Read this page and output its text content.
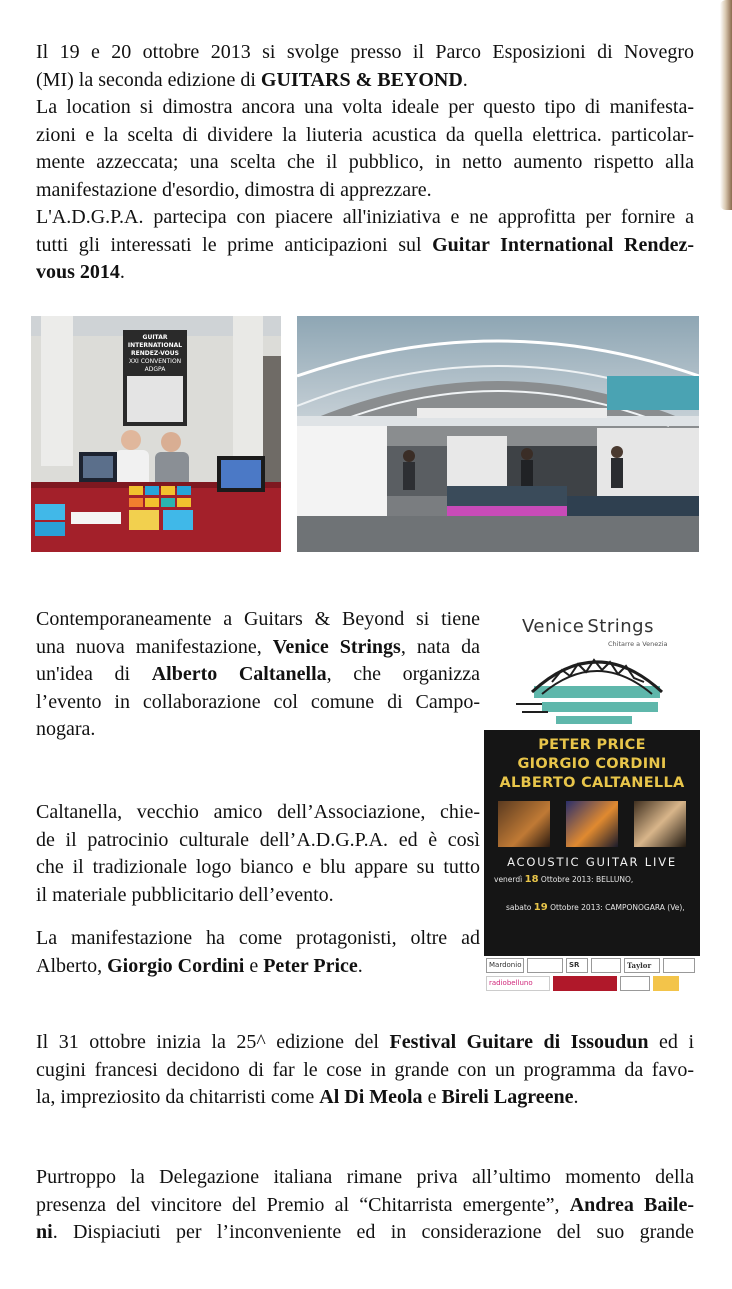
Il 19 e 20 ottobre 2013 si svolge presso il Parco Esposizioni di Novegro
(MI) la seconda edizione di GUITARS & BEYOND.
La location si dimostra ancora una volta ideale per questo tipo di manifesta-
zioni e la scelta di dividere la liuteria acustica da quella elettrica. particolar-
mente azzeccata; una scelta che il pubblico, in netto aumento rispetto alla
manifestazione d'esordio, dimostra di apprezzare.
L'A.D.G.P.A. partecipa con piacere all'iniziativa e ne approfitta per fornire a
tutti gli interessati le prime anticipazioni sul Guitar International Rendez-
vous 2014.
GUITAR INTERNATIONAL RENDEZ-VOUS
XXI CONVENTION ADGPA
Venice Strings
Chitarre a Venezia
PETER PRICE
GIORGIO CORDINI
ALBERTO CALTANELLA
ACOUSTIC GUITAR LIVE
venerdì 18 Ottobre 2013: BELLUNO,
sabato 19 Ottobre 2013: CAMPONOGARA (Ve),
Mardonio	SR	Taylor
radiobelluno
Contemporaneamente a Guitars & Beyond si tiene
una nuova manifestazione, Venice Strings, nata da
un'idea di Alberto Caltanella, che organizza
l’evento in collaborazione col comune di Campo-
nogara.
Caltanella, vecchio amico dell’Associazione, chie-
de il patrocinio culturale dell’A.D.G.P.A. ed è così
che il tradizionale logo bianco e blu appare su tutto
il materiale pubblicitario dell’evento.
La manifestazione ha come protagonisti, oltre ad
Alberto, Giorgio Cordini e Peter Price.
Il 31 ottobre inizia la 25^ edizione del Festival Guitare di Issoudun ed i
cugini francesi decidono di far le cose in grande con un programma da favo-
la, impreziosito da chitarristi come Al Di Meola e Bireli Lagreene.
Purtroppo la Delegazione italiana rimane priva all’ultimo momento della
presenza del vincitore del Premio al “Chitarrista emergente”, Andrea Baile-
ni. Dispiaciuti per l’inconveniente ed in considerazione del suo grande
